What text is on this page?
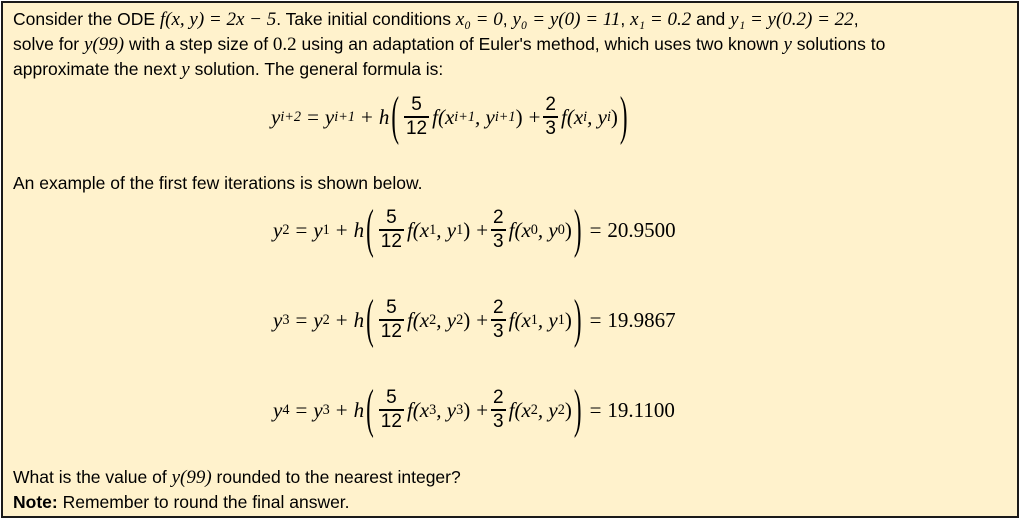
Consider the ODE f(x, y) = 2x − 5. Take initial conditions x₀ = 0, y₀ = y(0) = 11, x₁ = 0.2 and y₁ = y(0.2) = 22,
solve for y(99) with a step size of 0.2 using an adaptation of Euler's method, which uses two known y solutions to
approximate the next y solution. The general formula is:
y i+2 = y i+1 + h ( $\frac{5}{12} f(x$ i+1 , y i+1 ) + $\frac{2}{3} f(x$ i , y i ) )
An example of the first few iterations is shown below.
y 2 = y 1 + h ( $\frac{5}{12} f(x$ 1 , y 1 ) + $\frac{2}{3} f(x$ 0 , y 0 ) ) = 20.9500
y 3 = y 2 + h ( $\frac{5}{12} f(x$ 2 , y 2 ) + $\frac{2}{3} f(x$ 1 , y 1 ) ) = 19.9867
y 4 = y 3 + h ( $\frac{5}{12} f(x$ 3 , y 3 ) + $\frac{2}{3} f(x$ 2 , y 2 ) ) = 19.1100
What is the value of y(99) rounded to the nearest integer?
Note: Remember to round the final answer.
